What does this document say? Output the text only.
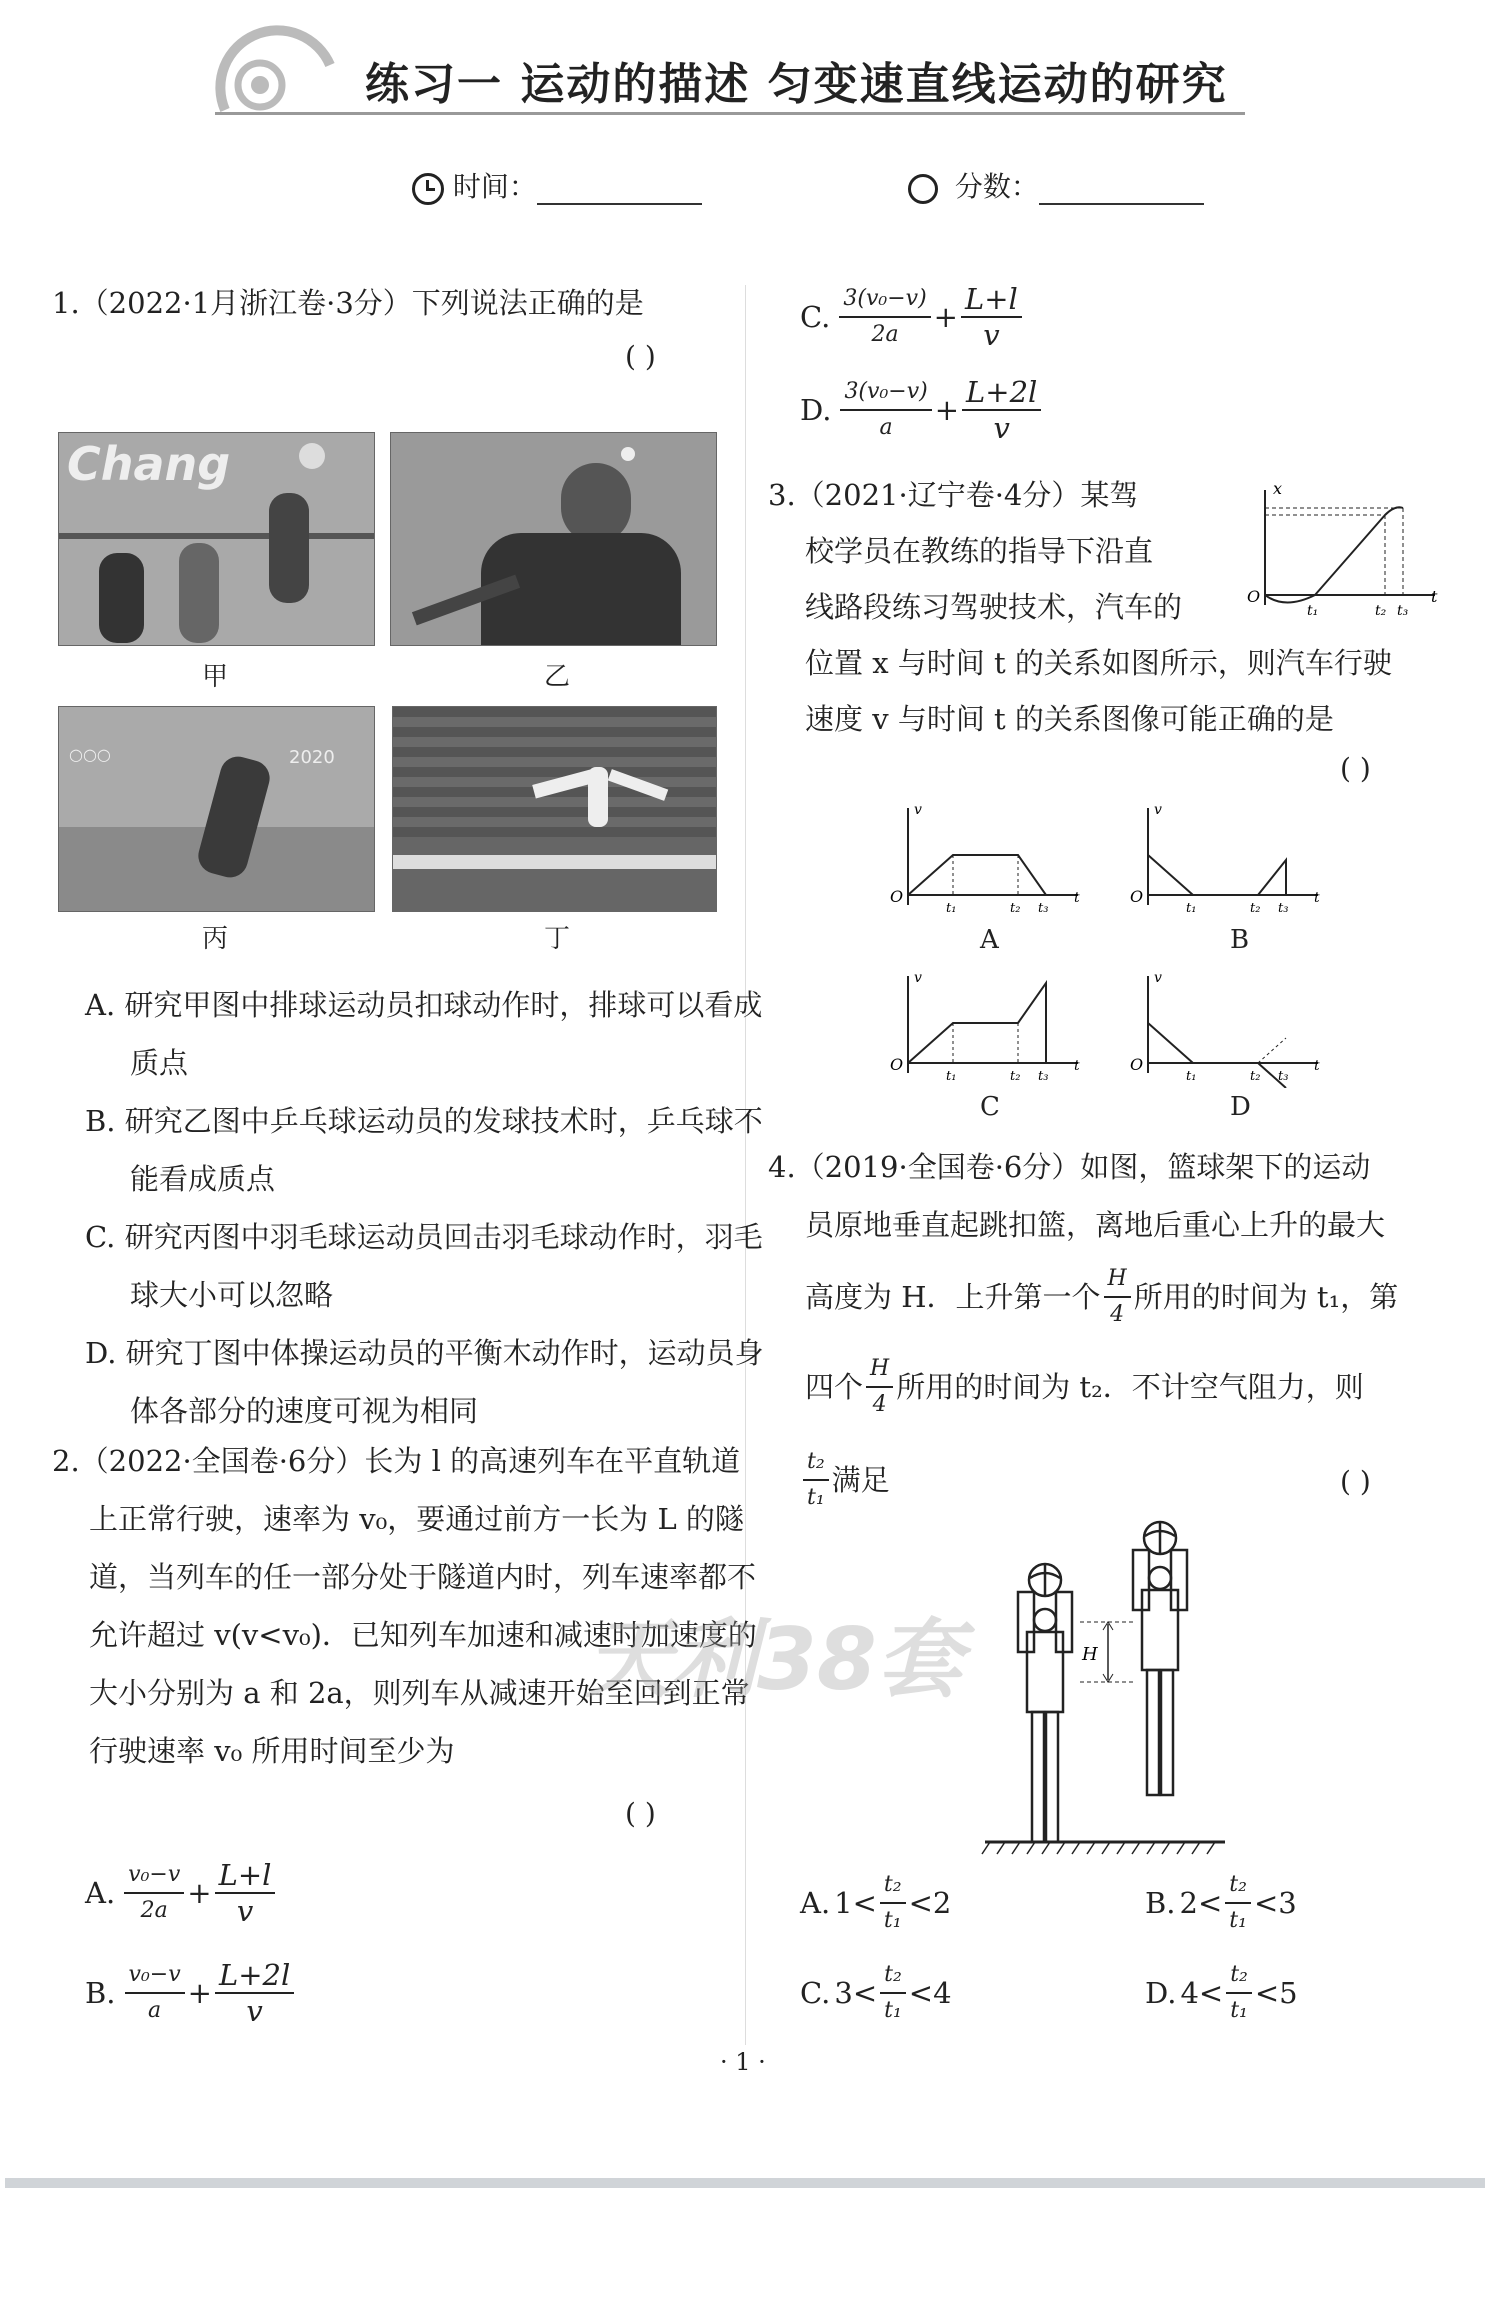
练习一 运动的描述 匀变速直线运动的研究
时间：	分数：
1.（2022·1月浙江卷·3分）下列说法正确的是
( )
Chang
甲	乙
2020
○○○
丙	丁
A. 研究甲图中排球运动员扣球动作时，排球可以看成质点
B. 研究乙图中乒乓球运动员的发球技术时，乒乓球不能看成质点
C. 研究丙图中羽毛球运动员回击羽毛球动作时，羽毛球大小可以忽略
D. 研究丁图中体操运动员的平衡木动作时，运动员身体各部分的速度可视为相同
2.（2022·全国卷·6分）长为 l 的高速列车在平直轨道上正常行驶，速率为 v₀，要通过前方一长为 L 的隧道，当列车的任一部分处于隧道内时，列车速率都不允许超过 v(v<v₀)．已知列车加速和减速时加速度的大小分别为 a 和 2a，则列车从减速开始至回到正常行驶速率 v₀ 所用时间至少为
( )
A. $\frac{\text{v₀−v}}{2a} + \frac{L+l}{v}$
B. $\frac{\text{v₀−v}}{a} + \frac{L+2l}{v}$
C. $\frac{\text{3(v₀−v)}}{2a} + \frac{L+l}{v}$
D. $\frac{\text{3(v₀−v)}}{a} + \frac{L+2l}{v}$
3.（2021·辽宁卷·4分）某驾
校学员在教练的指导下沿直
线路段练习驾驶技术，汽车的
位置 x 与时间 t 的关系如图所示，则汽车行驶
速度 v 与时间 t 的关系图像可能正确的是
( )
x
O
t₁	t₂ t₃
t
v
O
t₁	t₂ t₃
t
A
v
O
t₁	t₂ t₃
t
B
v
O
t₁	t₂ t₃
t
C
v
O
t₁	t₂ t₃
t
D
4.（2019·全国卷·6分）如图，篮球架下的运动
员原地垂直起跳扣篮，离地后重心上升的最大
高度为 H．上升第一个 $\frac{H}{4}$ 所用的时间为 t₁，第
四个 $\frac{H}{4}$ 所用的时间为 t₂．不计空气阻力，则
$\frac{\text{t₂}}{\text{t₁}}$ 满足	( )
H
A. $1< \frac{\text{t₂}}{\text{t₁}} <2$	B. $2< \frac{\text{t₂}}{\text{t₁}} <3$
C. $3< \frac{\text{t₂}}{\text{t₁}} <4$	D. $4< \frac{\text{t₂}}{\text{t₁}} <5$
天利38套
· 1 ·
